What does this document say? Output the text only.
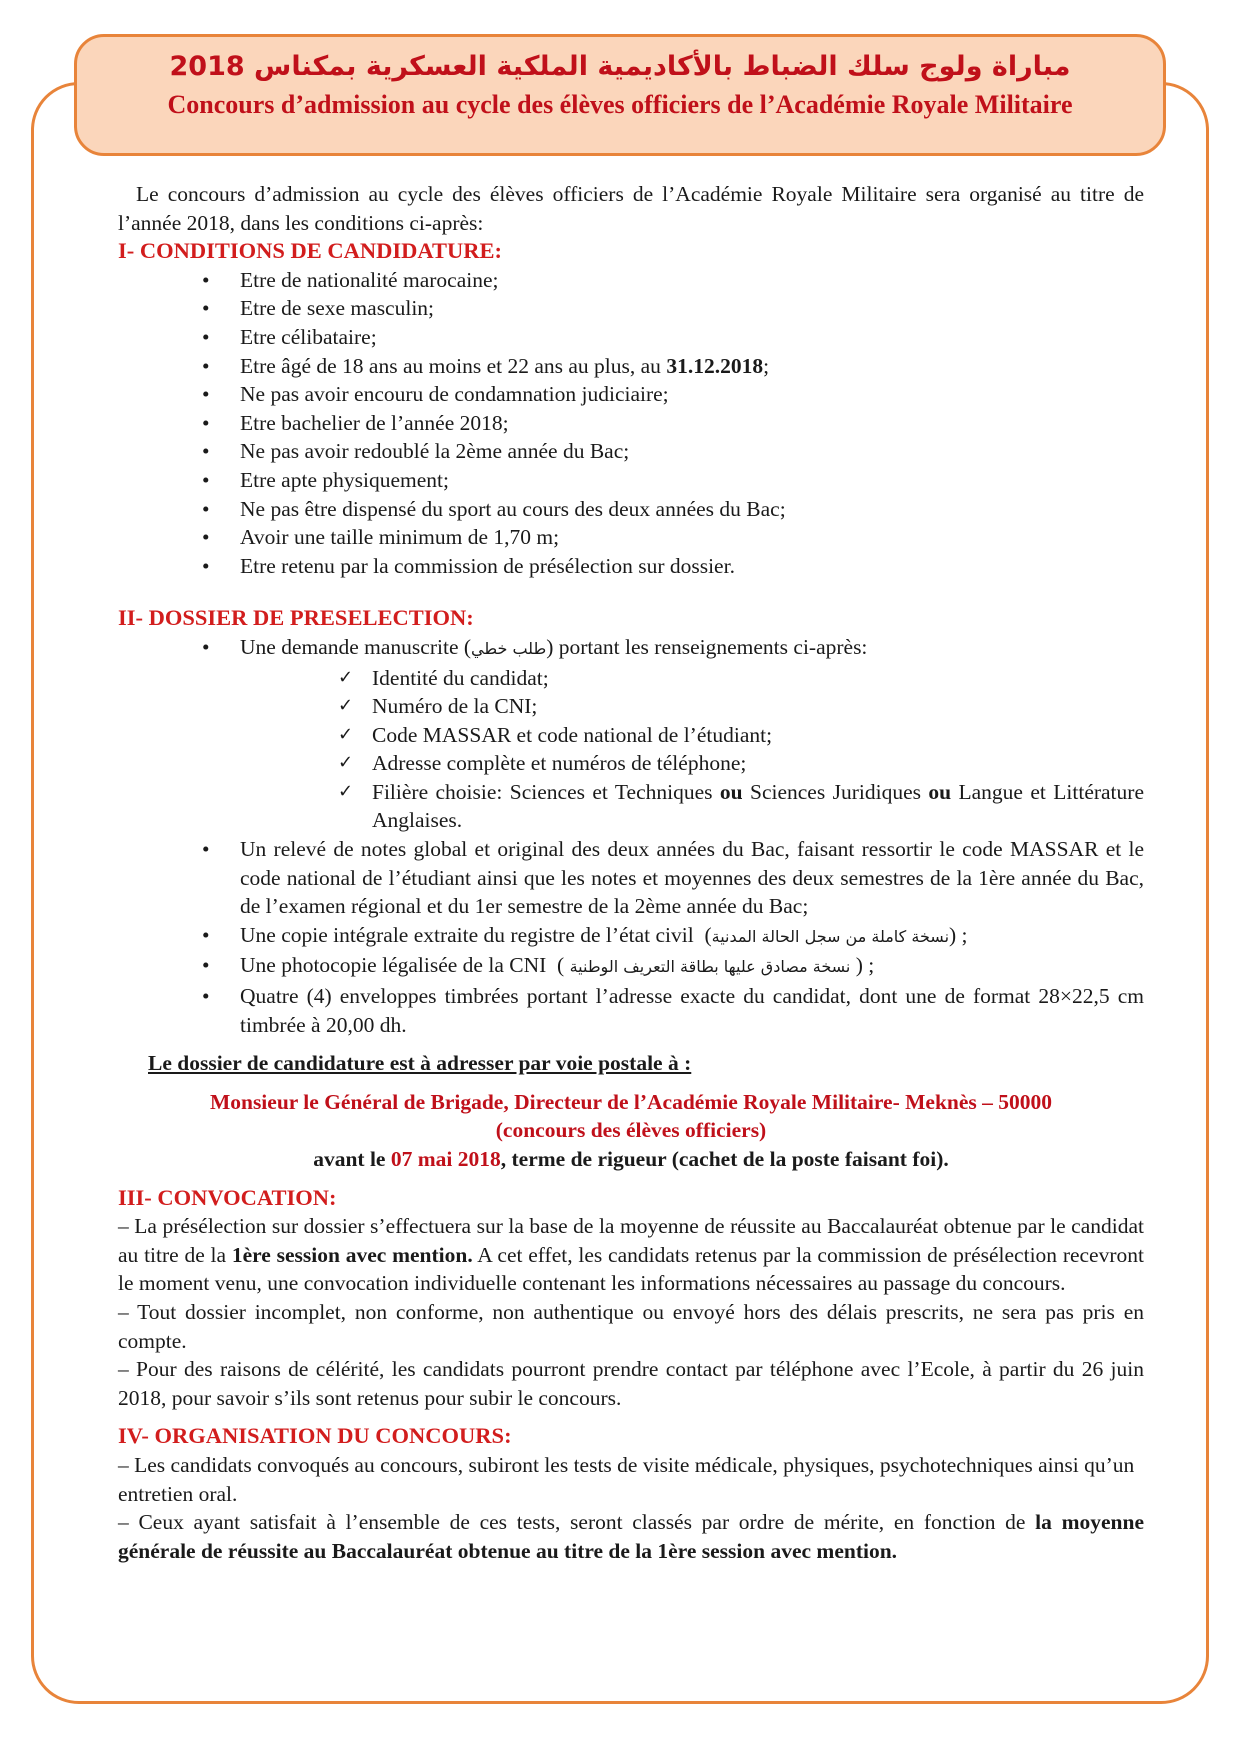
مباراة ولوج سلك الضباط بالأكاديمية الملكية العسكرية بمكناس 2018
Concours d’admission au cycle des élèves officiers de l’Académie Royale Militaire

Le concours d’admission au cycle des élèves officiers de l’Académie Royale Militaire sera organisé au titre de l’année 2018, dans les conditions ci-après:

I- CONDITIONS DE CANDIDATURE:

• Etre de nationalité marocaine;
• Etre de sexe masculin;
• Etre célibataire;
• Etre âgé de 18 ans au moins et 22 ans au plus, au 31.12.2018;
• Ne pas avoir encouru de condamnation judiciaire;
• Etre bachelier de l’année 2018;
• Ne pas avoir redoublé la 2ème année du Bac;
• Etre apte physiquement;
• Ne pas être dispensé du sport au cours des deux années du Bac;
• Avoir une taille minimum de 1,70 m;
• Etre retenu par la commission de présélection sur dossier.

II- DOSSIER DE PRESELECTION:

• Une demande manuscrite (طلب خطي) portant les renseignements ci-après:
✓ Identité du candidat;
✓ Numéro de la CNI;
✓ Code MASSAR et code national de l’étudiant;
✓ Adresse complète et numéros de téléphone;
✓ Filière choisie: Sciences et Techniques ou Sciences Juridiques ou Langue et Littérature Anglaises.
• Un relevé de notes global et original des deux années du Bac, faisant ressortir le code MASSAR et le code national de l’étudiant ainsi que les notes et moyennes des deux semestres de la 1ère année du Bac, de l’examen régional et du 1er semestre de la 2ème année du Bac;
• Une copie intégrale extraite du registre de l’état civil  (نسخة كاملة من سجل الحالة المدنية) ;
• Une photocopie légalisée de la CNI  ( نسخة مصادق عليها بطاقة التعريف الوطنية ) ;
• Quatre (4) enveloppes timbrées portant l’adresse exacte du candidat, dont une de format 28×22,5 cm timbrée à 20,00 dh.

Le dossier de candidature est à adresser par voie postale à :

Monsieur le Général de Brigade, Directeur de l’Académie Royale Militaire- Meknès – 50000

(concours des élèves officiers)

avant le 07 mai 2018, terme de rigueur (cachet de la poste faisant foi).

III- CONVOCATION:

– La présélection sur dossier s’effectuera sur la base de la moyenne de réussite au Baccalauréat obtenue par le candidat au titre de la 1ère session avec mention. A cet effet, les candidats retenus par la commission de présélection recevront le moment venu, une convocation individuelle contenant les informations nécessaires au passage du concours.

– Tout dossier incomplet, non conforme, non authentique ou envoyé hors des délais prescrits, ne sera pas pris en compte.

– Pour des raisons de célérité, les candidats pourront prendre contact par téléphone avec l’Ecole, à partir du 26 juin 2018, pour savoir s’ils sont retenus pour subir le concours.

IV- ORGANISATION DU CONCOURS:

– Les candidats convoqués au concours, subiront les tests de visite médicale, physiques, psychotechniques ainsi qu’un entretien oral.

– Ceux ayant satisfait à l’ensemble de ces tests, seront classés par ordre de mérite, en fonction de la moyenne générale de réussite au Baccalauréat obtenue au titre de la 1ère session avec mention.
